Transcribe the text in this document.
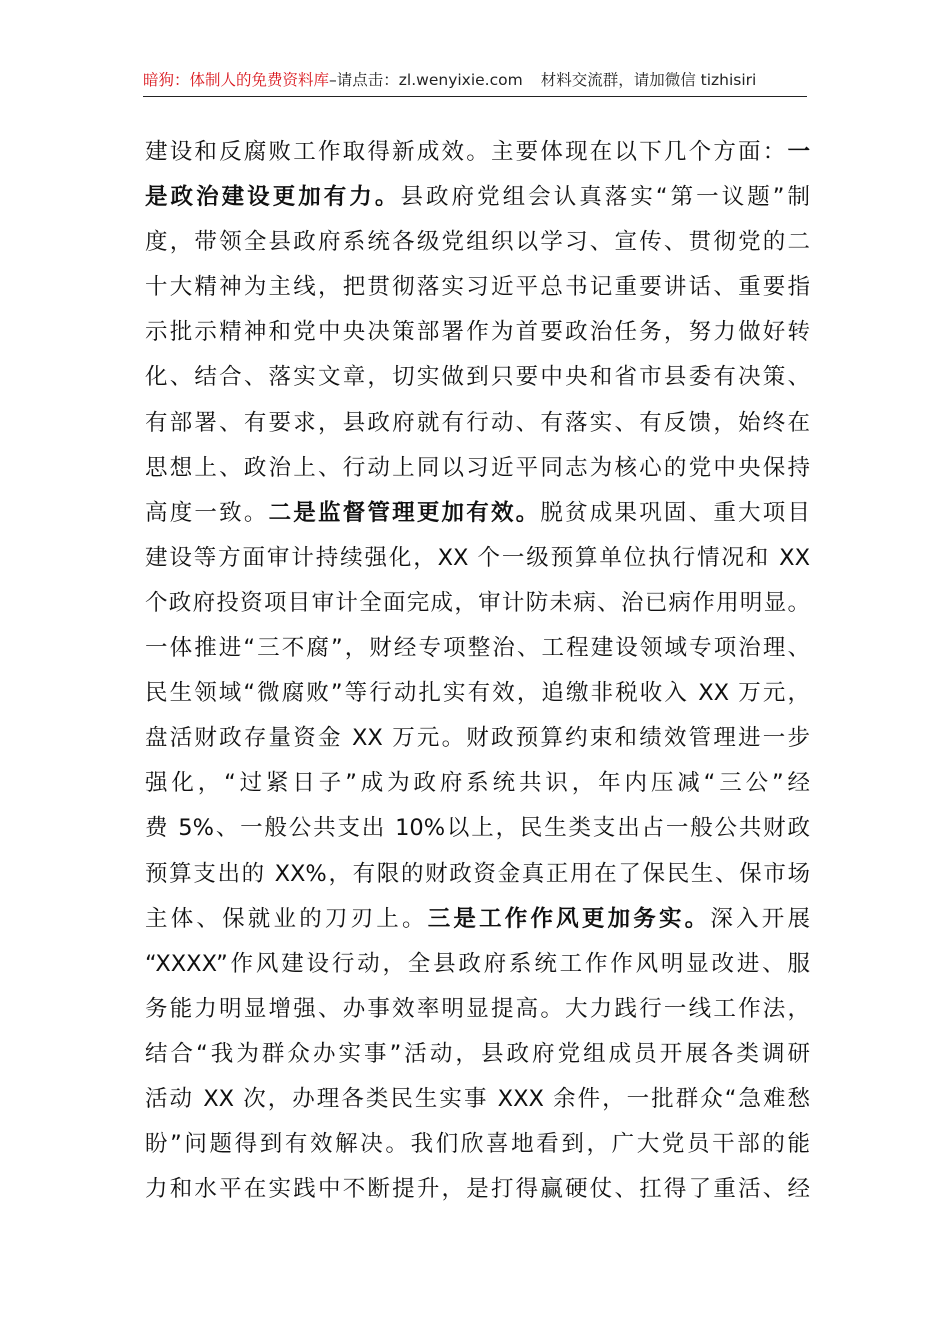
暗狗：体制人的免费资料库–请点击：zl.wenyixie.com 材料交流群，请加微信 tizhisiri
建设和反腐败工作取得新成效。主要体现在以下几个方面：一
是政治建设更加有力。县政府党组会认真落实“第一议题”制
度，带领全县政府系统各级党组织以学习、宣传、贯彻党的二
十大精神为主线，把贯彻落实习近平总书记重要讲话、重要指
示批示精神和党中央决策部署作为首要政治任务，努力做好转
化、结合、落实文章，切实做到只要中央和省市县委有决策、
有部署、有要求，县政府就有行动、有落实、有反馈，始终在
思想上、政治上、行动上同以习近平同志为核心的党中央保持
高度一致。二是监督管理更加有效。脱贫成果巩固、重大项目
建设等方面审计持续强化，XX 个一级预算单位执行情况和 XX
个政府投资项目审计全面完成，审计防未病、治已病作用明显。
一体推进“三不腐”，财经专项整治、工程建设领域专项治理、
民生领域“微腐败”等行动扎实有效，追缴非税收入 XX 万元，
盘活财政存量资金 XX 万元。财政预算约束和绩效管理进一步
强化，“过紧日子”成为政府系统共识，年内压减“三公”经
费 5%、一般公共支出 10%以上，民生类支出占一般公共财政
预算支出的 XX%，有限的财政资金真正用在了保民生、保市场
主体、保就业的刀刃上。三是工作作风更加务实。深入开展
“XXXX”作风建设行动，全县政府系统工作作风明显改进、服
务能力明显增强、办事效率明显提高。大力践行一线工作法，
结合“我为群众办实事”活动，县政府党组成员开展各类调研
活动 XX 次，办理各类民生实事 XXX 余件，一批群众“急难愁
盼”问题得到有效解决。我们欣喜地看到，广大党员干部的能
力和水平在实践中不断提升，是打得赢硬仗、扛得了重活、经
